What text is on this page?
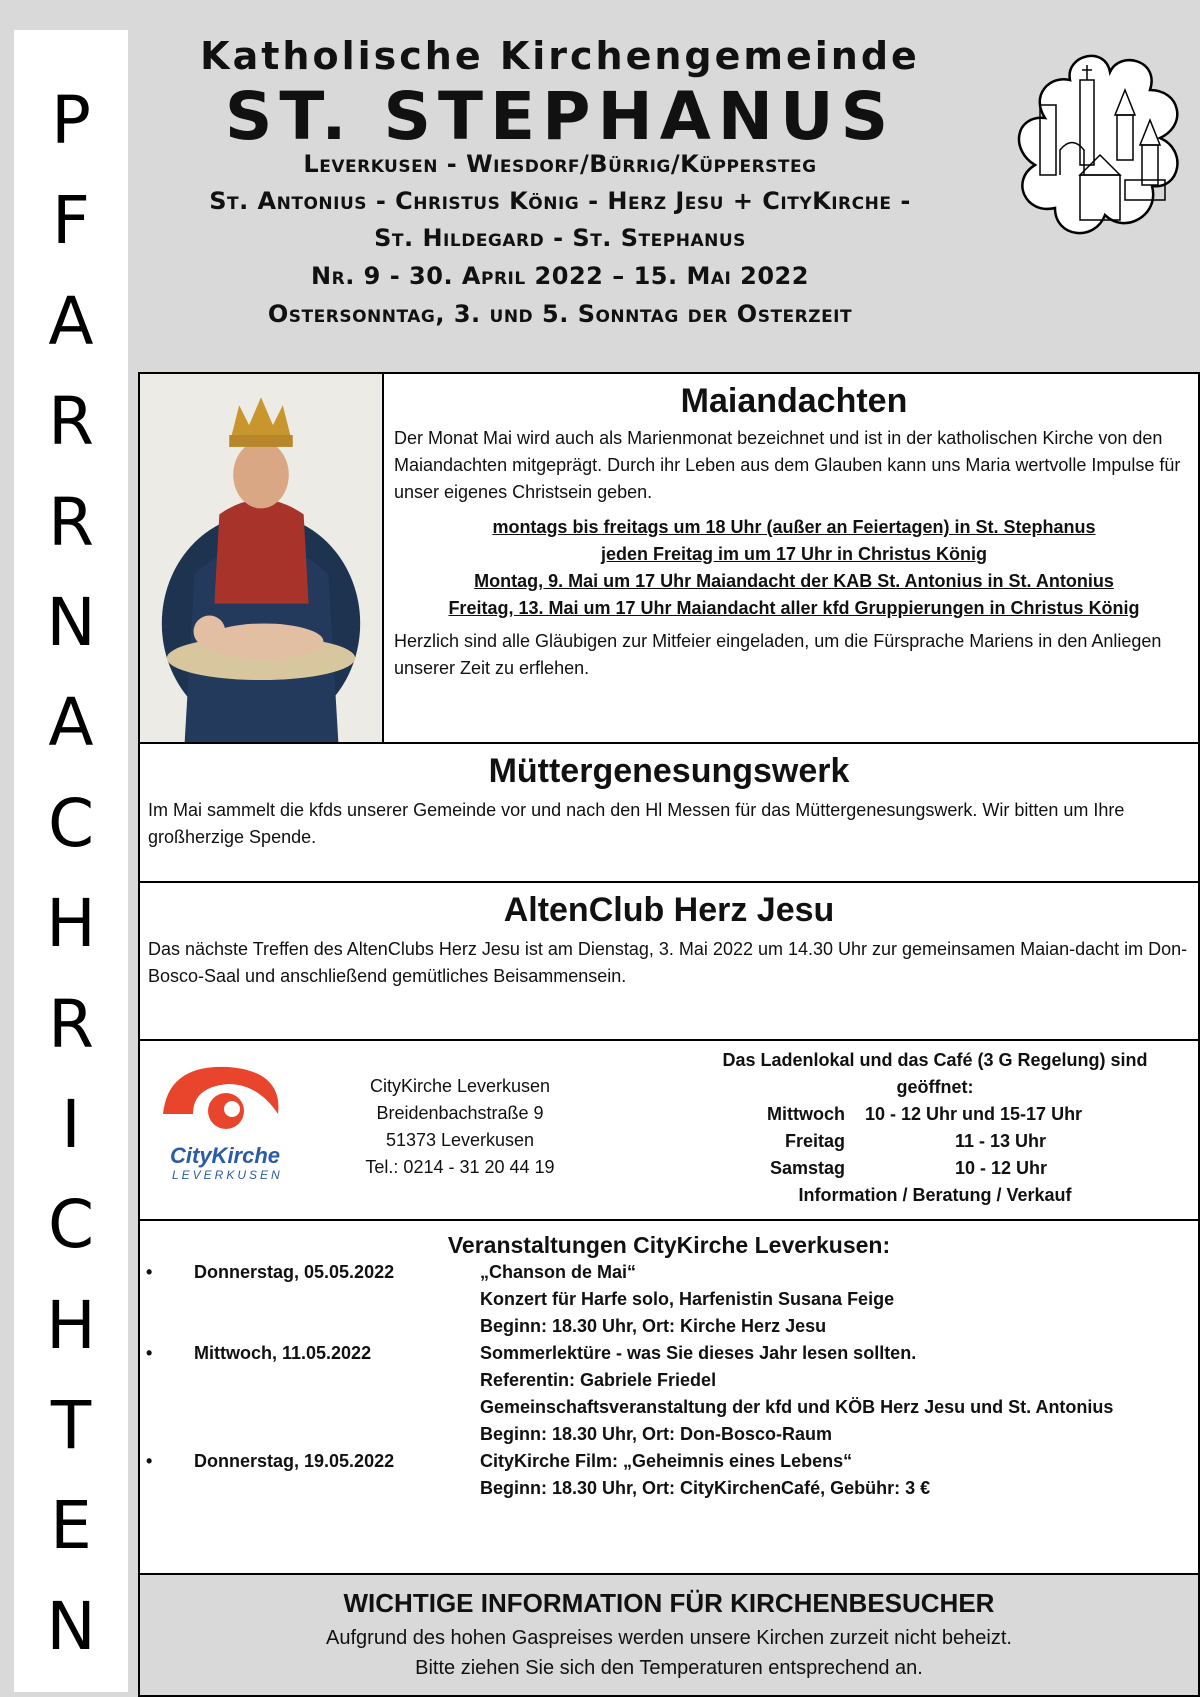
P
F
A
R
R
N
A
C
H
R
I
C
H
T
E
N
Katholische Kirchengemeinde
ST. STEPHANUS
Leverkusen - Wiesdorf/Bürrig/Küppersteg
St. Antonius - Christus König - Herz Jesu + CityKirche -
St. Hildegard - St. Stephanus
Nr. 9 - 30. April 2022 – 15. Mai 2022
Ostersonntag, 3. und 5. Sonntag der Osterzeit
Maiandachten
Der Monat Mai wird auch als Marienmonat bezeichnet und ist in der katholischen Kirche von den Maiandachten mitgeprägt. Durch ihr Leben aus dem Glauben kann uns Maria wertvolle Impulse für unser eigenes Christsein geben.
montags bis freitags um 18 Uhr (außer an Feiertagen) in St. Stephanus
jeden Freitag im um 17 Uhr in Christus König
Montag, 9. Mai um 17 Uhr Maiandacht der KAB St. Antonius in St. Antonius
Freitag, 13. Mai um 17 Uhr Maiandacht aller kfd Gruppierungen in Christus König
Herzlich sind alle Gläubigen zur Mitfeier eingeladen, um die Fürsprache Mariens in den Anliegen unserer Zeit zu erflehen.
Müttergenesungswerk
Im Mai sammelt die kfds unserer Gemeinde vor und nach den Hl Messen für das Müttergenesungswerk. Wir bitten um Ihre großherzige Spende.
AltenClub Herz Jesu
Das nächste Treffen des AltenClubs Herz Jesu ist am Dienstag, 3. Mai 2022 um 14.30 Uhr zur gemeinsamen Maian-dacht im Don-Bosco-Saal und anschließend gemütliches Beisammensein.
CityKirche
LEVERKUSEN
CityKirche Leverkusen
Breidenbachstraße 9
51373 Leverkusen
Tel.: 0214 - 31 20 44 19
Das Ladenlokal und das Café (3 G Regelung) sind geöffnet:
Mittwoch	10 - 12 Uhr und 15-17 Uhr
Freitag	11 - 13 Uhr
Samstag	10 - 12 Uhr
Information / Beratung / Verkauf
Veranstaltungen CityKirche Leverkusen:
•	Donnerstag, 05.05.2022	„Chanson de Mai“
Konzert für Harfe solo, Harfenistin Susana Feige
Beginn: 18.30 Uhr, Ort: Kirche Herz Jesu
•	Mittwoch, 11.05.2022	Sommerlektüre - was Sie dieses Jahr lesen sollten.
Referentin: Gabriele Friedel
Gemeinschaftsveranstaltung der kfd und KÖB Herz Jesu und St. Antonius
Beginn: 18.30 Uhr, Ort: Don-Bosco-Raum
•	Donnerstag, 19.05.2022	CityKirche Film: „Geheimnis eines Lebens“
Beginn: 18.30 Uhr, Ort: CityKirchenCafé, Gebühr: 3 €
WICHTIGE INFORMATION FÜR KIRCHENBESUCHER
Aufgrund des hohen Gaspreises werden unsere Kirchen zurzeit nicht beheizt.
Bitte ziehen Sie sich den Temperaturen entsprechend an.
